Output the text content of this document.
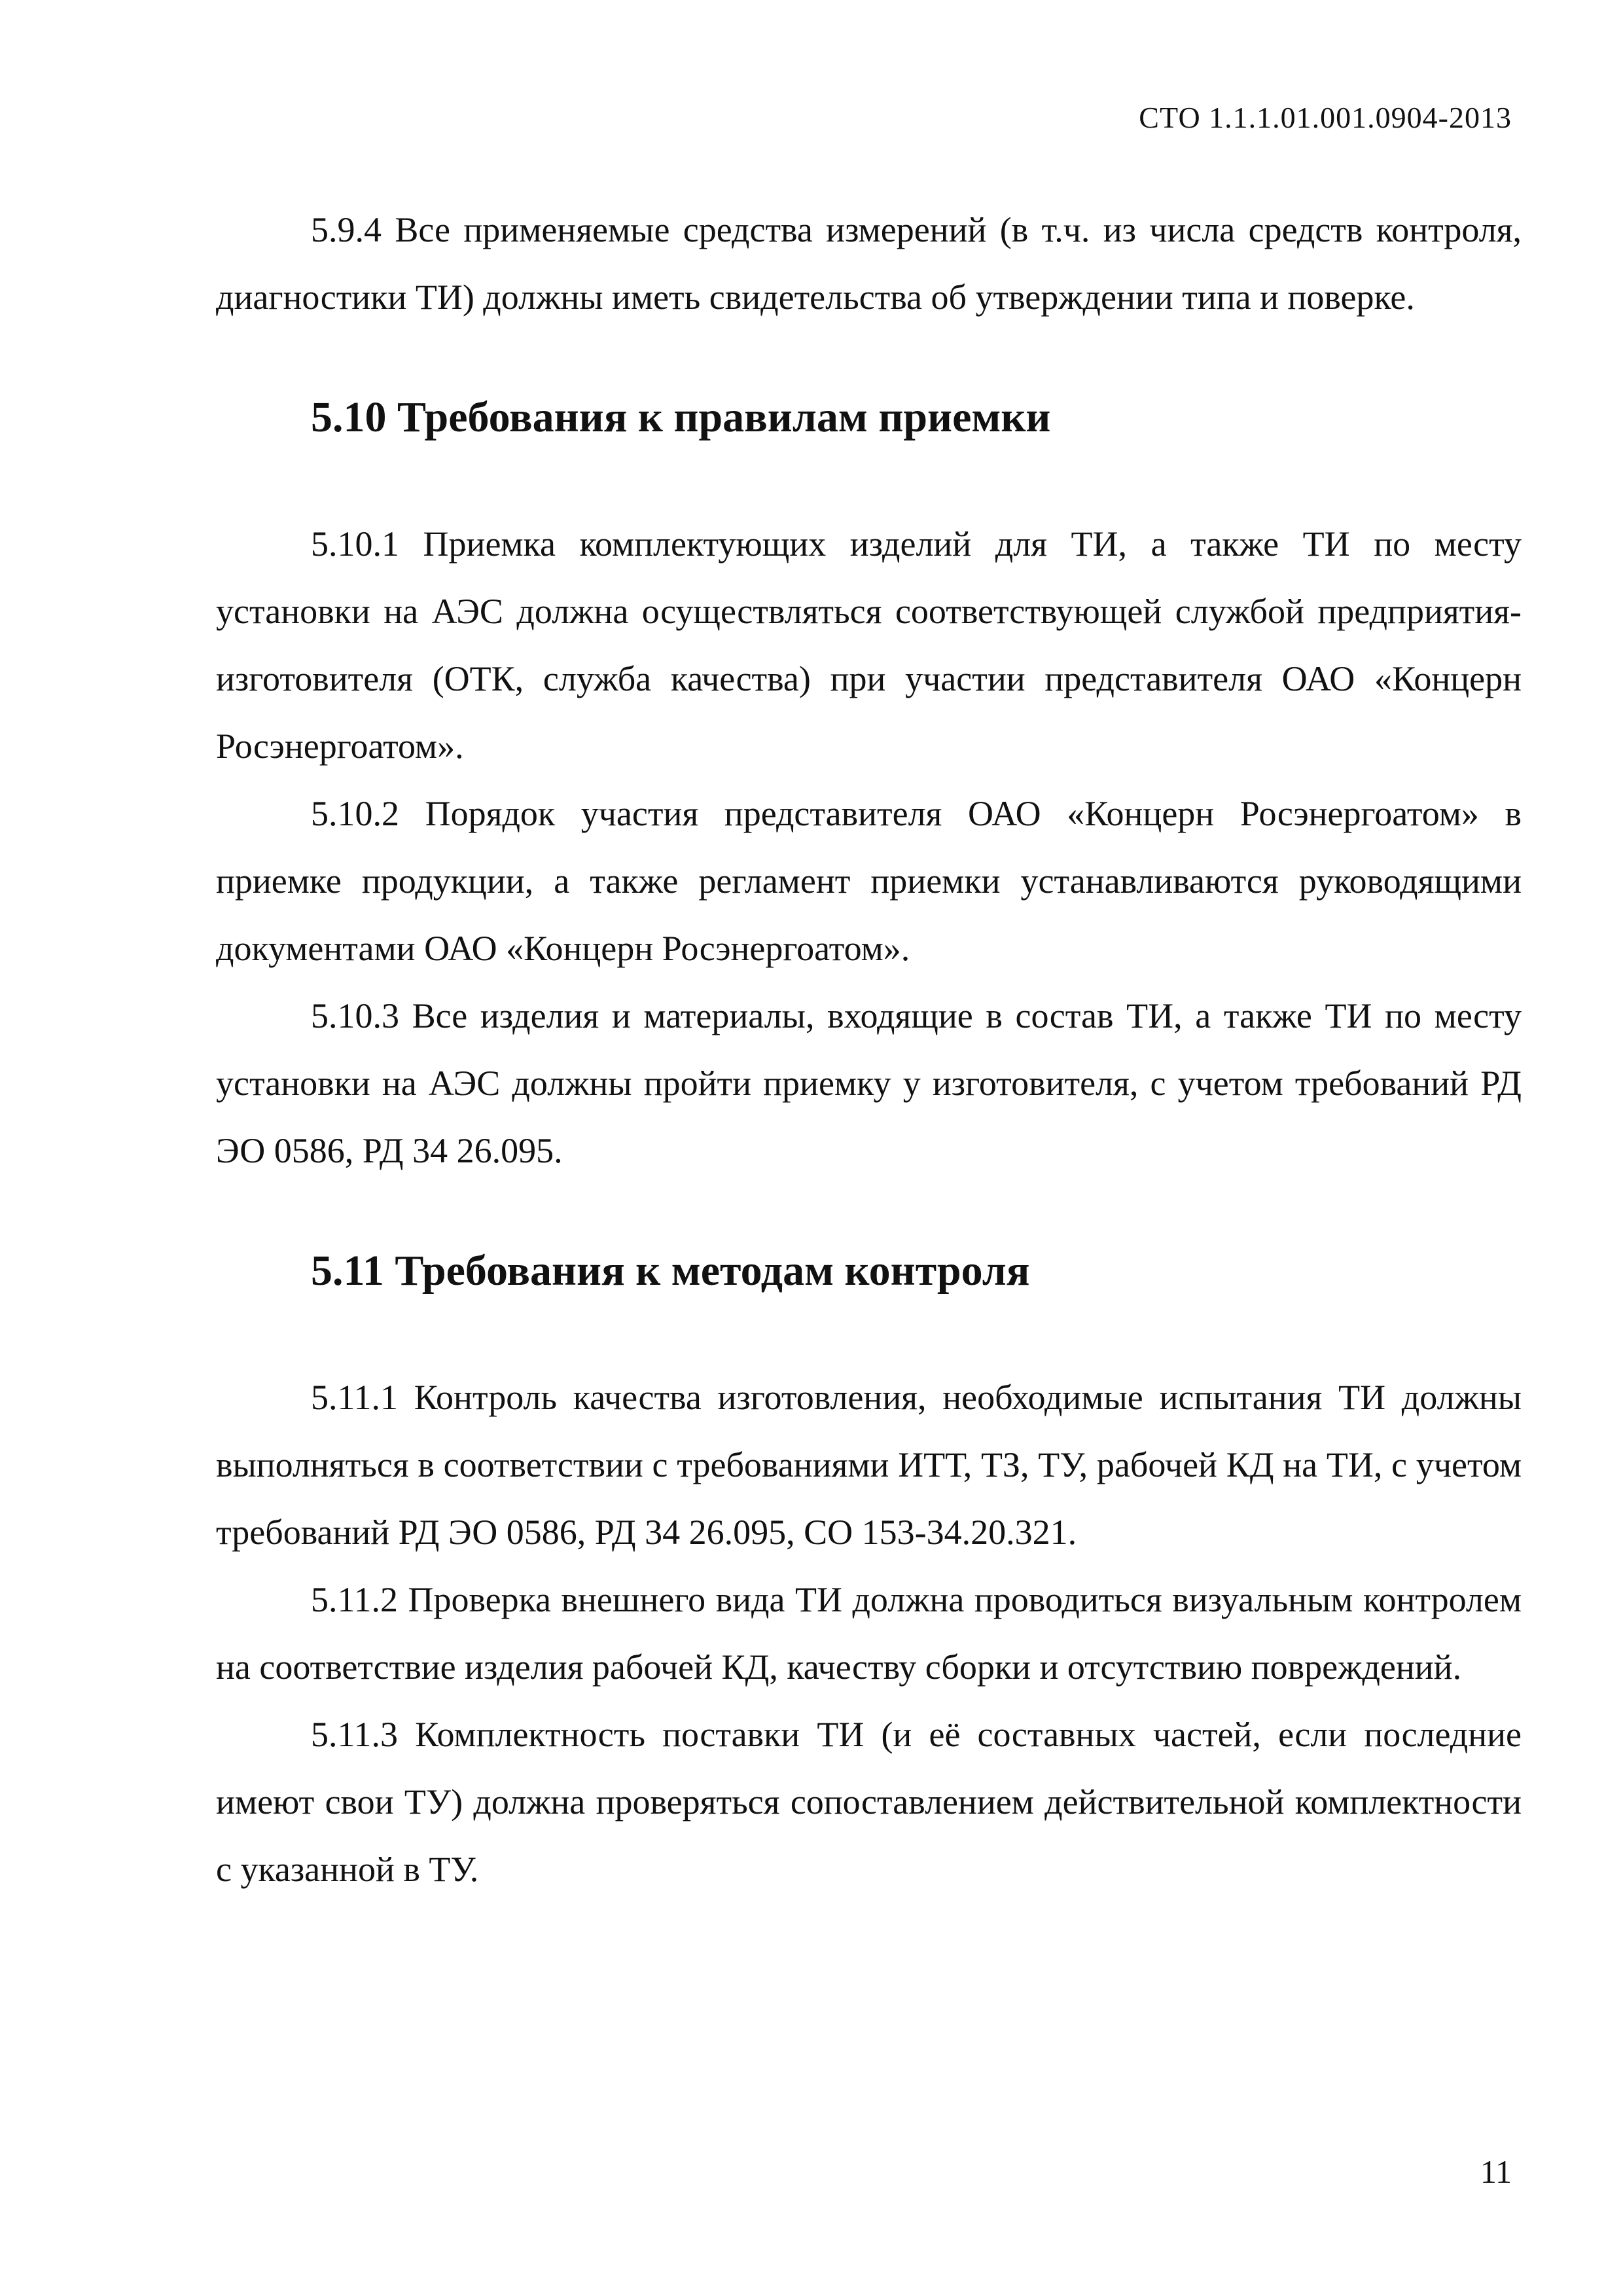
СТО 1.1.1.01.001.0904-2013

5.9.4 Все применяемые средства измерений (в т.ч. из числа средств контроля, диагностики ТИ) должны иметь свидетельства об утверждении типа и поверке.

5.10 Требования к правилам приемки

5.10.1 Приемка комплектующих изделий для ТИ, а также ТИ по месту установки на АЭС должна осуществляться соответствующей службой предприятия-изготовителя (ОТК, служба качества) при участии представителя ОАО «Концерн Росэнергоатом».

5.10.2 Порядок участия представителя ОАО «Концерн Росэнергоатом» в приемке продукции, а также регламент приемки устанавливаются руководящими документами ОАО «Концерн Росэнергоатом».

5.10.3 Все изделия и материалы, входящие в состав ТИ, а также ТИ по месту установки на АЭС должны пройти приемку у изготовителя, с учетом требований РД ЭО 0586, РД 34 26.095.

5.11 Требования к методам контроля

5.11.1 Контроль качества изготовления, необходимые испытания ТИ должны выполняться в соответствии с требованиями ИТТ, ТЗ, ТУ, рабочей КД на ТИ, с учетом требований РД ЭО 0586, РД 34 26.095, СО 153-34.20.321.

5.11.2 Проверка внешнего вида ТИ должна проводиться визуальным контролем на соответствие изделия рабочей КД, качеству сборки и отсутствию повреждений.

5.11.3 Комплектность поставки ТИ (и её составных частей, если последние имеют свои ТУ) должна проверяться сопоставлением действительной комплектности с указанной в ТУ.

11
